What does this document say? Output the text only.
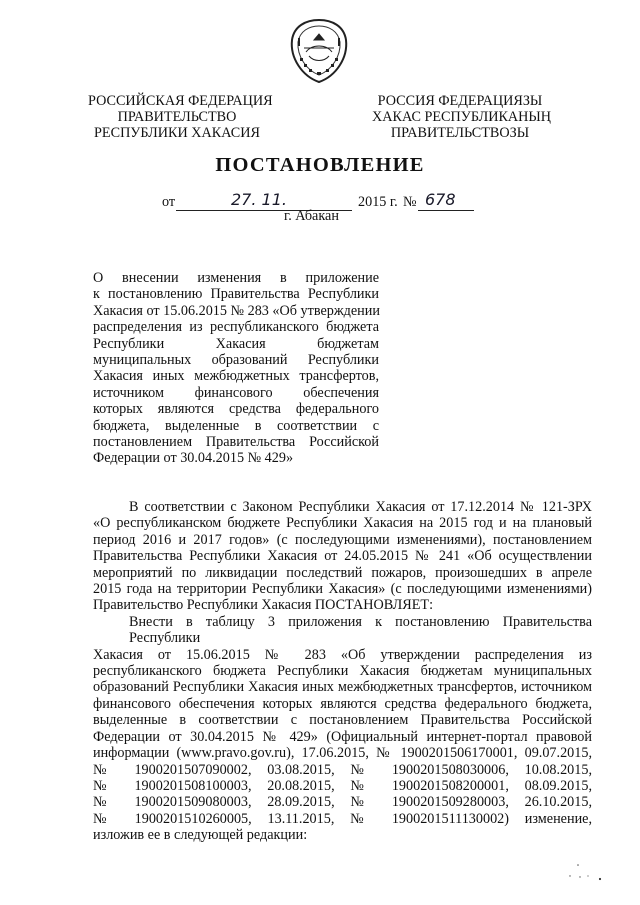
РОССИЙСКАЯ ФЕДЕРАЦИЯ
ПРАВИТЕЛЬСТВО
РЕСПУБЛИКИ ХАКАСИЯ
РОССИЯ ФЕДЕРАЦИЯЗЫ
ХАКАС РЕСПУБЛИКАНЫҢ
ПРАВИТЕЛЬСТВОЗЫ
ПОСТАНОВЛЕНИЕ
от	27. 11.	2015 г. № 678
г. Абакан
О внесении изменения в приложение
к постановлению Правительства Республики
Хакасия от 15.06.2015 № 283 «Об утверждении
распределения из республиканского бюджета
Республики Хакасия бюджетам
муниципальных образований Республики
Хакасия иных межбюджетных трансфертов,
источником финансового обеспечения
которых являются средства федерального
бюджета, выделенные в соответствии с
постановлением Правительства Российской
Федерации от 30.04.2015 № 429»
В соответствии с Законом Республики Хакасия от 17.12.2014 № 121-ЗРХ
«О республиканском бюджете Республики Хакасия на 2015 год и на плановый
период 2016 и 2017 годов» (с последующими изменениями), постановлением
Правительства Республики Хакасия от 24.05.2015 № 241 «Об осуществлении
мероприятий по ликвидации последствий пожаров, произошедших в апреле
2015 года на территории Республики Хакасия» (с последующими изменениями)
Правительство Республики Хакасия ПОСТАНОВЛЯЕТ:
Внести в таблицу 3 приложения к постановлению Правительства Республики
Хакасия от 15.06.2015 № 283 «Об утверждении распределения из
республиканского бюджета Республики Хакасия бюджетам муниципальных
образований Республики Хакасия иных межбюджетных трансфертов, источником
финансового обеспечения которых являются средства федерального бюджета,
выделенные в соответствии с постановлением Правительства Российской
Федерации от 30.04.2015 № 429» (Официальный интернет-портал правовой
информации (www.pravo.gov.ru), 17.06.2015, № 1900201506170001, 09.07.2015,
№ 1900201507090002, 03.08.2015, № 1900201508030006, 10.08.2015,
№ 1900201508100003, 20.08.2015, № 1900201508200001, 08.09.2015,
№ 1900201509080003, 28.09.2015, № 1900201509280003, 26.10.2015,
№ 1900201510260005, 13.11.2015, № 1900201511130002) изменение,
изложив ее в следующей редакции:
